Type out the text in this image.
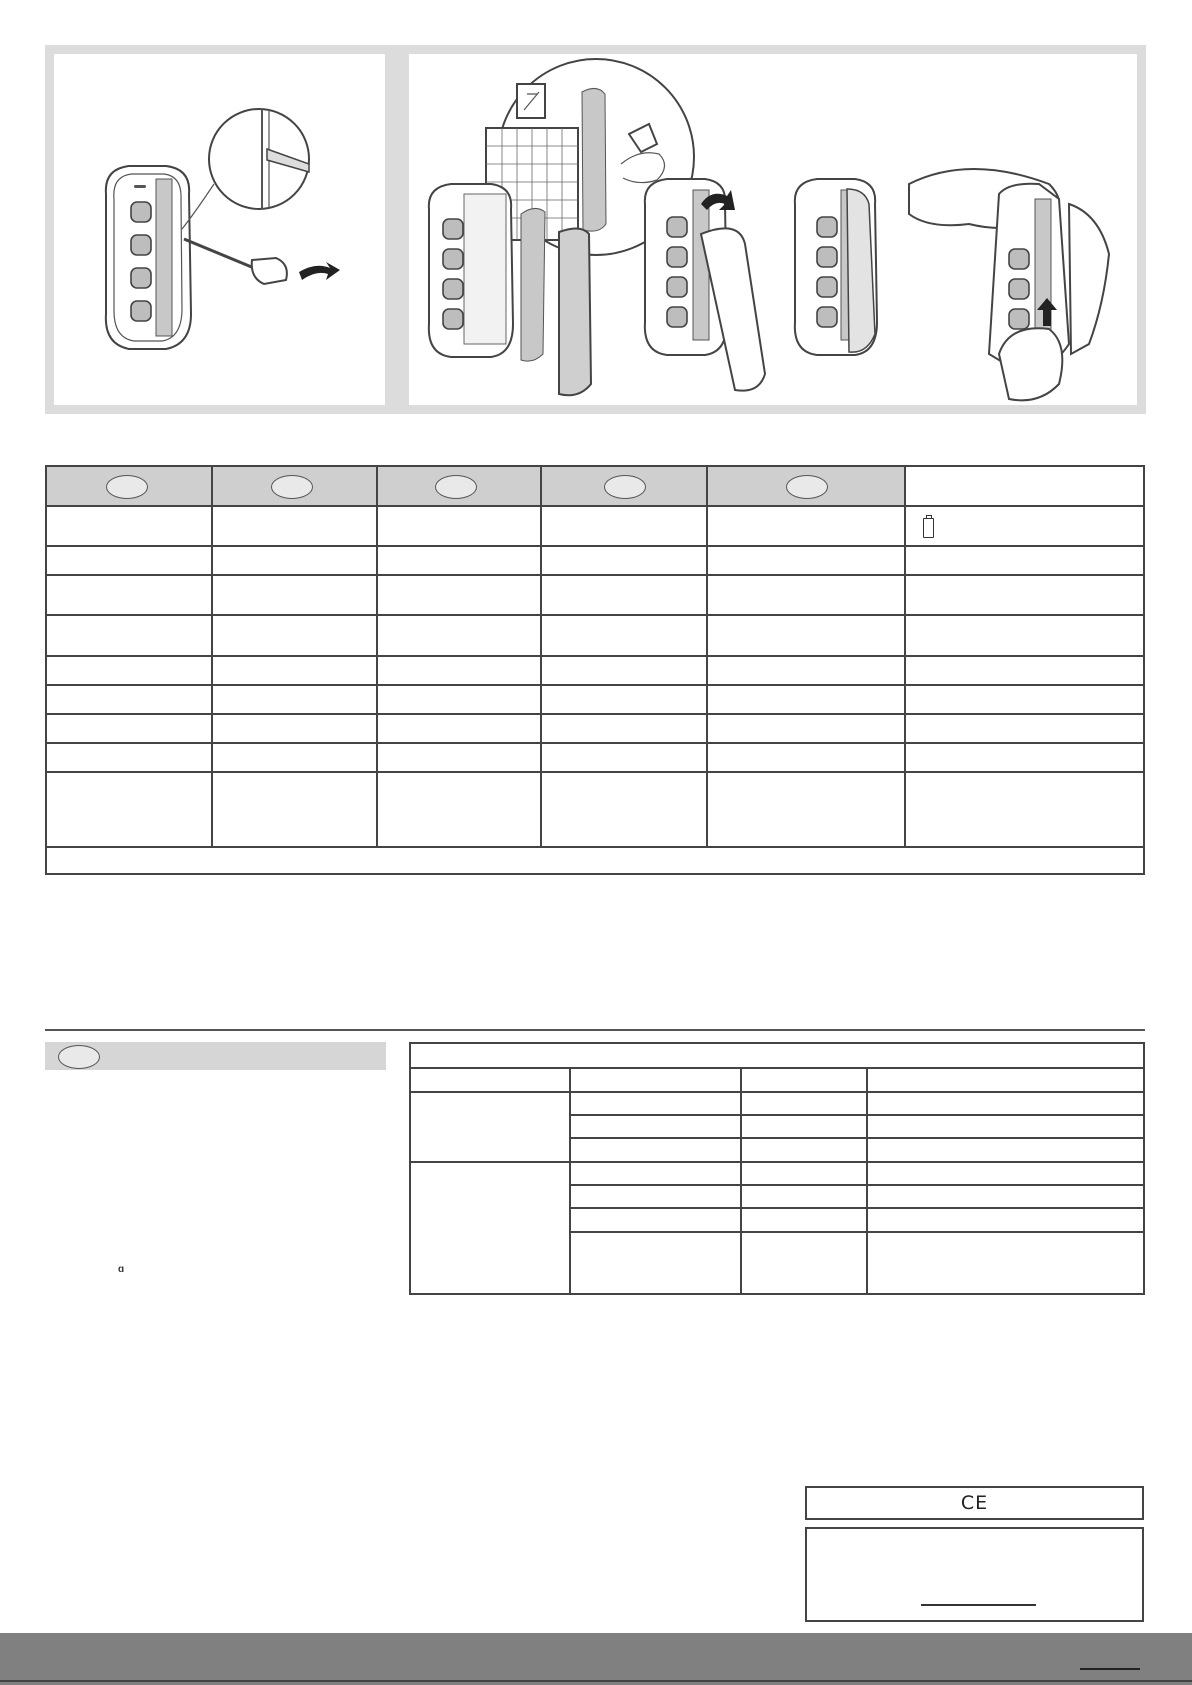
ɑ
CE
